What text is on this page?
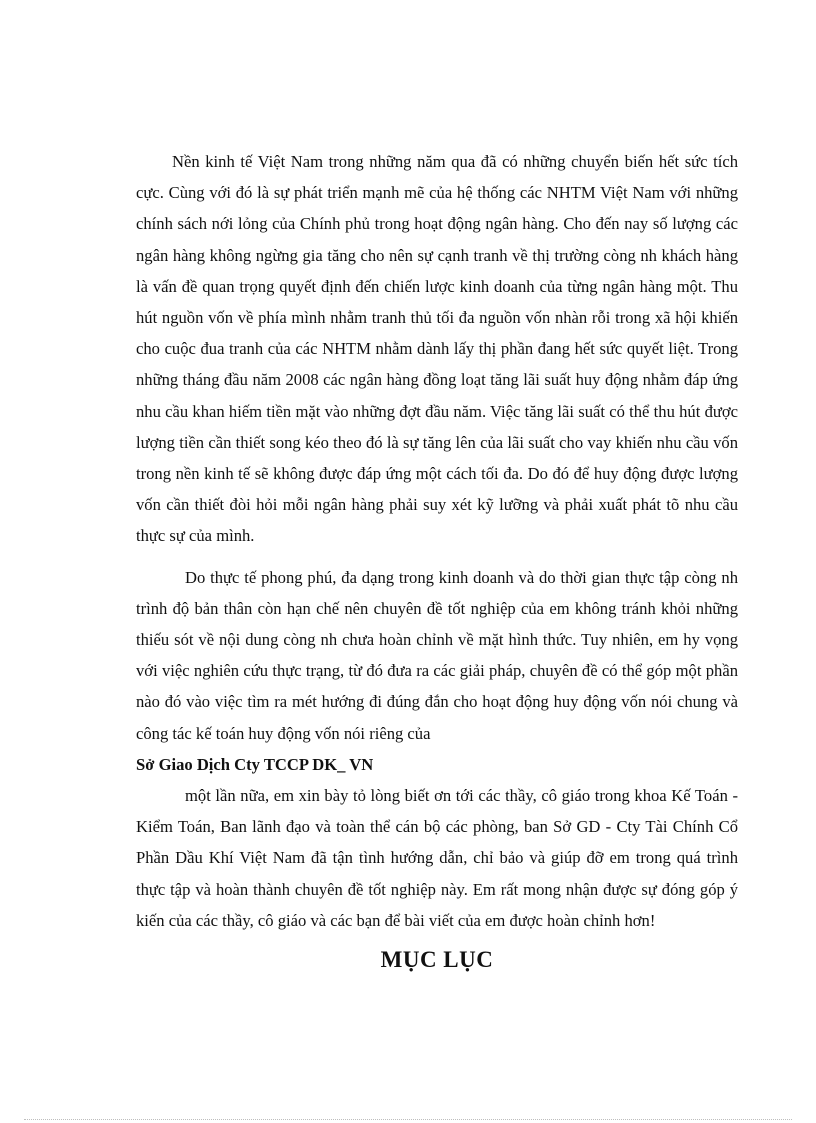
Nền kinh tế Việt Nam trong những năm qua đã có những chuyển biến hết sức tích cực. Cùng với đó là sự phát triển mạnh mẽ của hệ thống các NHTM Việt Nam với những chính sách nới lỏng của Chính phủ trong hoạt động ngân hàng. Cho đến nay số lượng các ngân hàng không ngừng gia tăng cho nên sự cạnh tranh về thị trường còng nh khách hàng là vấn đề quan trọng quyết định đến chiến lược kinh doanh của từng ngân hàng một. Thu hút nguồn vốn về phía mình nhằm tranh thủ tối đa nguồn vốn nhàn rỗi trong xã hội khiến cho cuộc đua tranh của các NHTM nhằm dành lấy thị phần đang hết sức quyết liệt. Trong những tháng đầu năm 2008 các ngân hàng đồng loạt tăng lãi suất huy động nhằm đáp ứng nhu cầu khan hiếm tiền mặt vào những đợt đầu năm. Việc tăng lãi suất có thể thu hút được lượng tiền cần thiết song kéo theo đó là sự tăng lên của lãi suất cho vay khiến nhu cầu vốn trong nền kinh tế sẽ không được đáp ứng một cách tối đa. Do đó để huy động được lượng vốn cần thiết đòi hỏi mỗi ngân hàng phải suy xét kỹ lưỡng và phải xuất phát tõ nhu cầu thực sự của mình.

Do thực tế phong phú, đa dạng trong kinh doanh và do thời gian thực tập còng nh trình độ bản thân còn hạn chế nên chuyên đề tốt nghiệp của em không tránh khỏi những thiếu sót về nội dung còng nh chưa hoàn chỉnh về mặt hình thức. Tuy nhiên, em hy vọng với việc nghiên cứu thực trạng, từ đó đưa ra các giải pháp, chuyên đề có thể góp một phần nào đó vào việc tìm ra mét hướng đi đúng đắn cho hoạt động huy động vốn nói chung và công tác kế toán huy động vốn nói riêng của

Sở Giao Dịch Cty TCCP DK_ VN

một lần nữa, em xin bày tỏ lòng biết ơn tới các thầy, cô giáo trong khoa Kế Toán - Kiểm Toán, Ban lãnh đạo và toàn thể cán bộ các phòng, ban Sở GD - Cty Tài Chính Cổ Phần Dầu Khí Việt Nam đã tận tình hướng dẫn, chỉ bảo và giúp đỡ em trong quá trình thực tập và hoàn thành chuyên đề tốt nghiệp này. Em rất mong nhận được sự đóng góp ý kiến của các thầy, cô giáo và các bạn để bài viết của em được hoàn chỉnh hơn!

MỤC LỤC
